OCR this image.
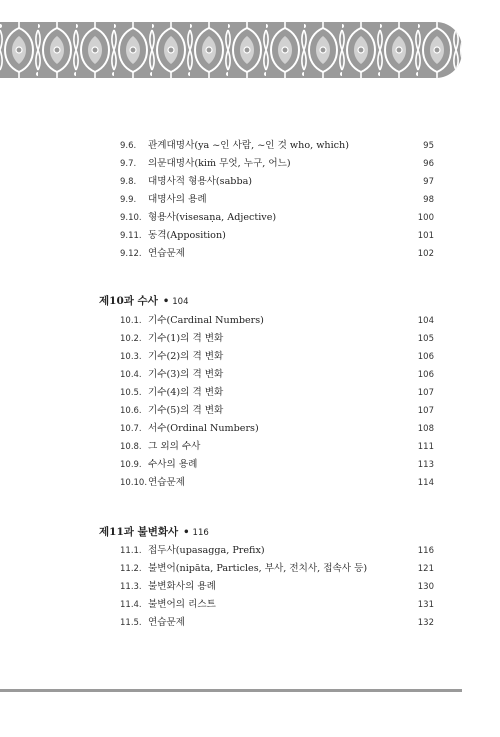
9.6. 관계대명사(ya ~인 사람, ~인 것 who, which)	95
9.7. 의문대명사(kiṁ 무엇, 누구, 어느)	96
9.8. 대명사적 형용사(sabba)	97
9.9. 대명사의 용례	98
9.10. 형용사(visesaṇa, Adjective)	100
9.11. 동격(Apposition)	101
9.12. 연습문제	102
제10과 수사 • 104
10.1. 기수(Cardinal Numbers)	104
10.2. 기수(1)의 격 변화	105
10.3. 기수(2)의 격 변화	106
10.4. 기수(3)의 격 변화	106
10.5. 기수(4)의 격 변화	107
10.6. 기수(5)의 격 변화	107
10.7. 서수(Ordinal Numbers)	108
10.8. 그 외의 수사	111
10.9. 수사의 용례	113
10.10. 연습문제	114
제11과 불변화사 • 116
11.1. 접두사(upasagga, Prefix)	116
11.2. 불변어(nipāta, Particles, 부사, 전치사, 접속사 등)	121
11.3. 불변화사의 용례	130
11.4. 불변어의 리스트	131
11.5. 연습문제	132
